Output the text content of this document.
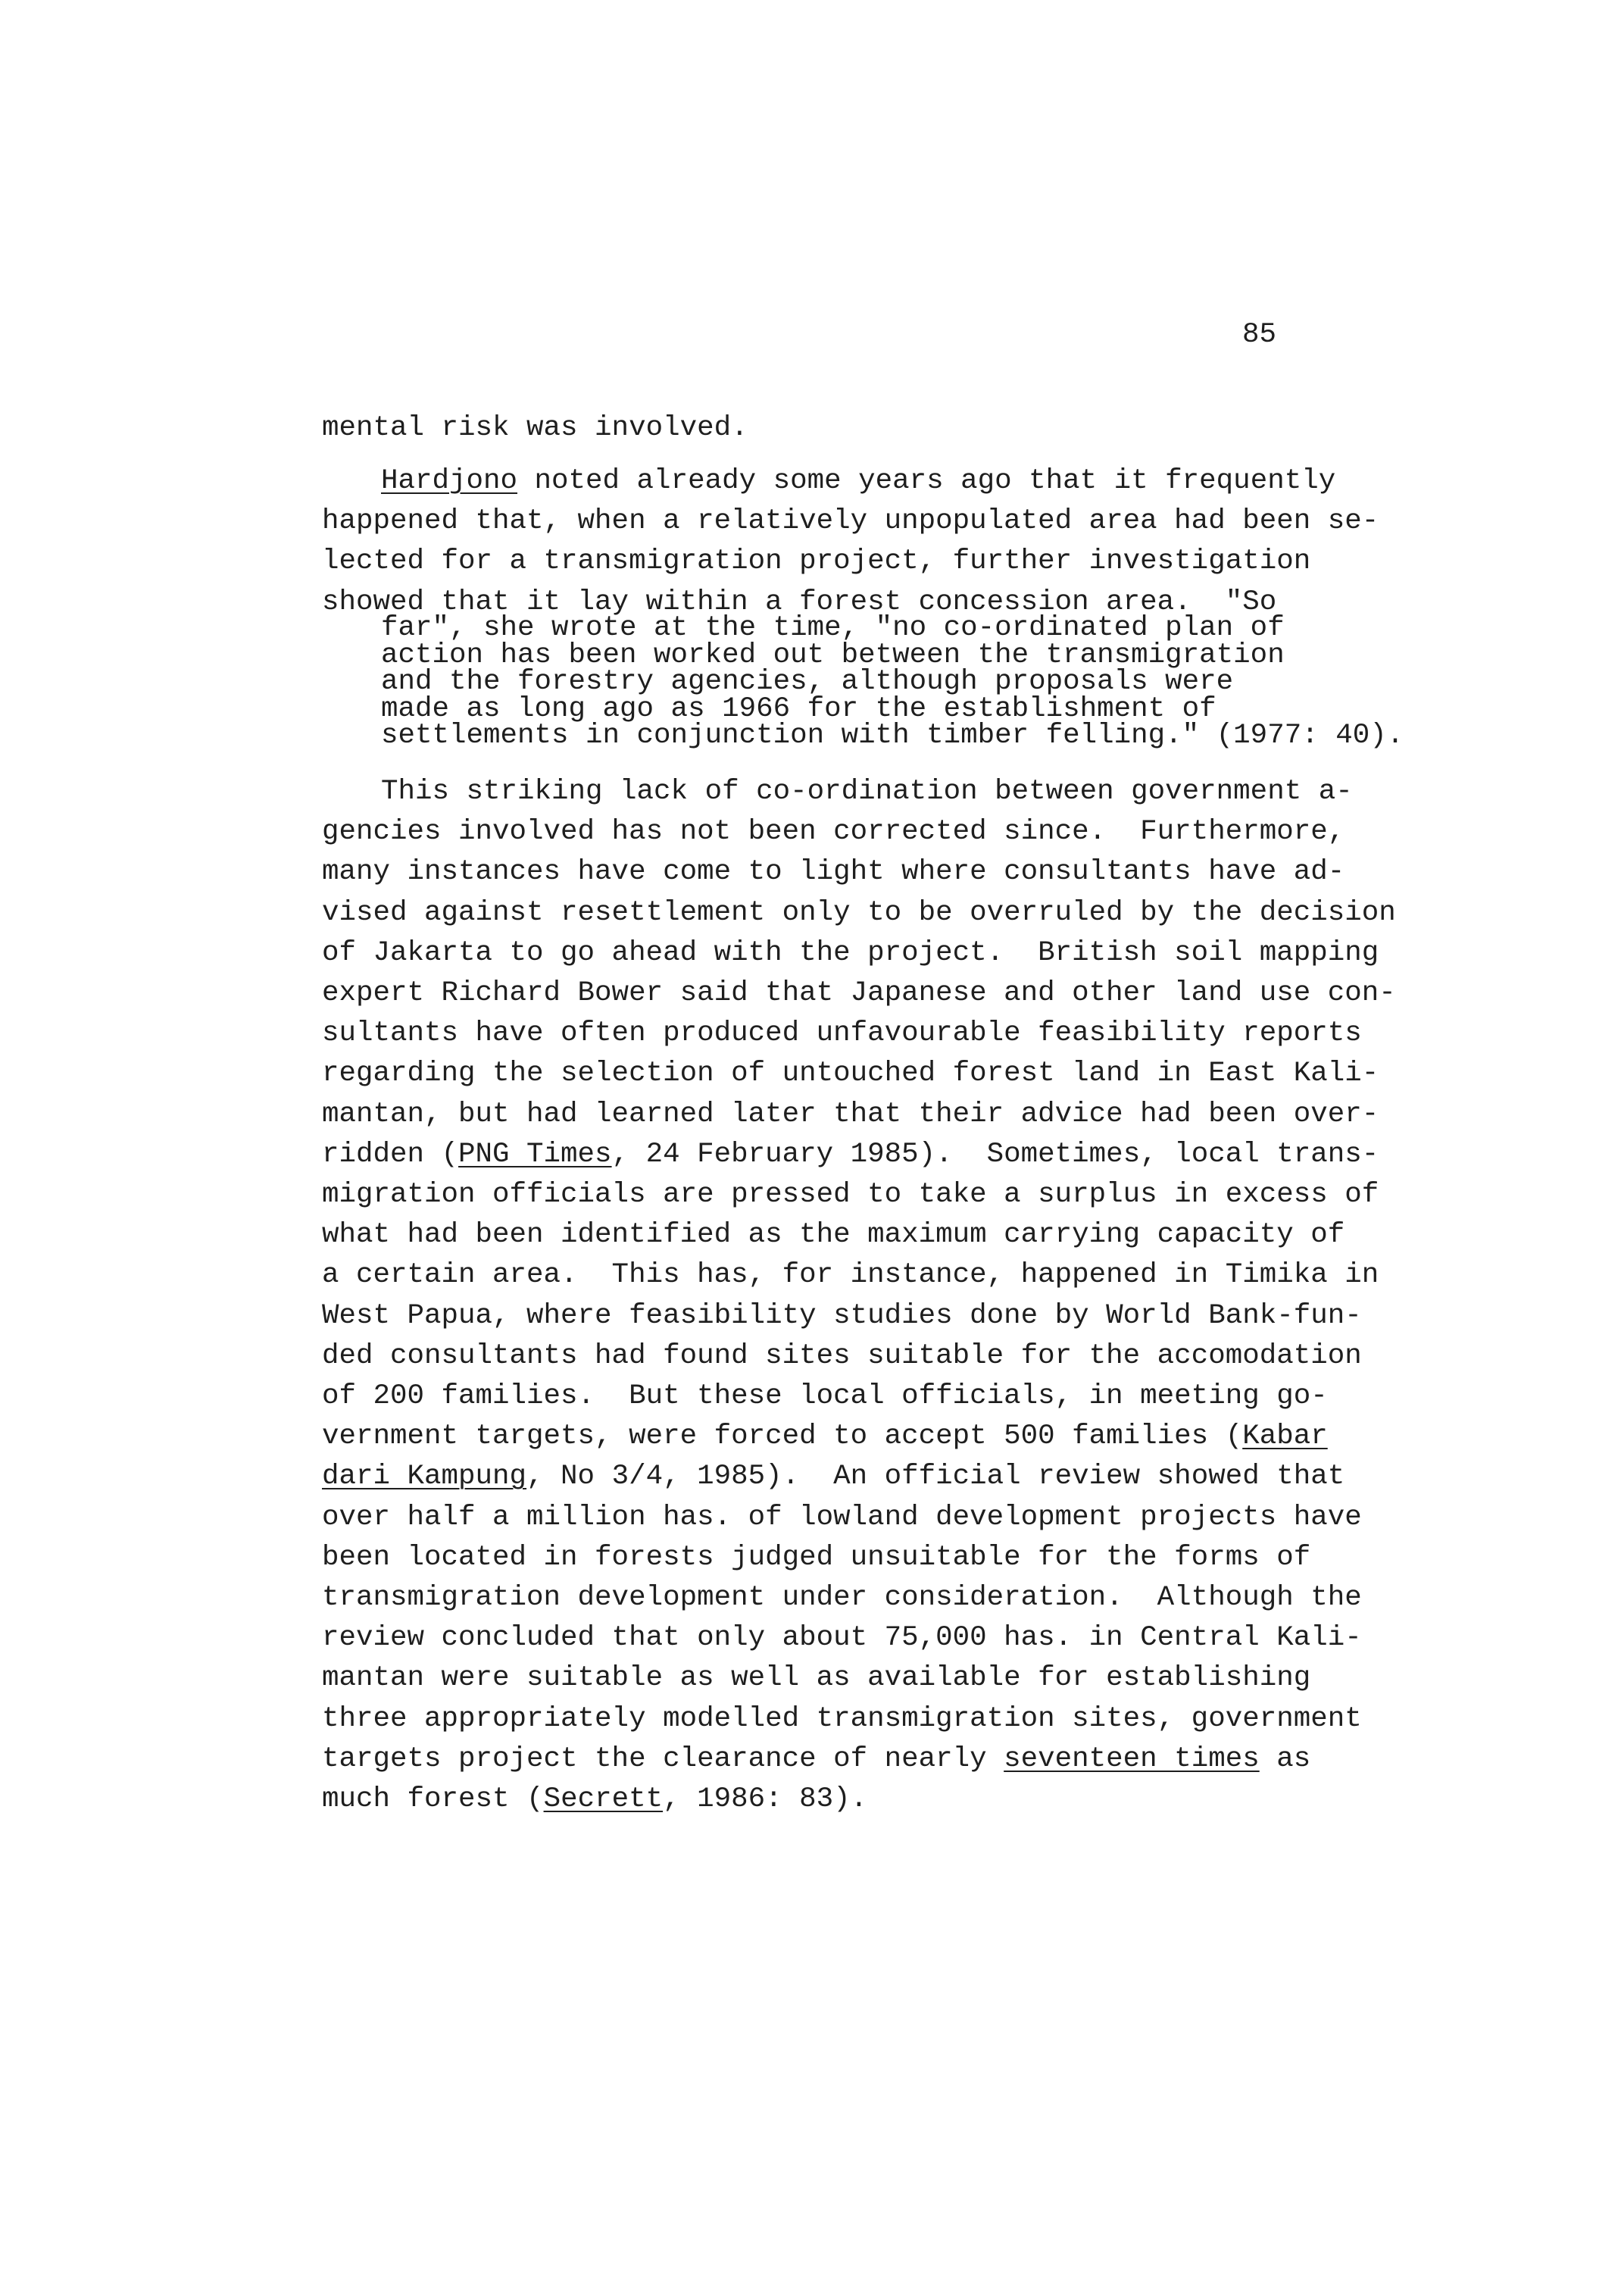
85
mental risk was involved.
Hardjono noted already some years ago that it frequently
happened that, when a relatively unpopulated area had been se-
lected for a transmigration project, further investigation
showed that it lay within a forest concession area.  "So
far", she wrote at the time, "no co-ordinated plan of
action has been worked out between the transmigration
and the forestry agencies, although proposals were
made as long ago as 1966 for the establishment of
settlements in conjunction with timber felling." (1977: 40).
This striking lack of co-ordination between government a-
gencies involved has not been corrected since.  Furthermore,
many instances have come to light where consultants have ad-
vised against resettlement only to be overruled by the decision
of Jakarta to go ahead with the project.  British soil mapping
expert Richard Bower said that Japanese and other land use con-
sultants have often produced unfavourable feasibility reports
regarding the selection of untouched forest land in East Kali-
mantan, but had learned later that their advice had been over-
ridden (PNG Times, 24 February 1985).  Sometimes, local trans-
migration officials are pressed to take a surplus in excess of
what had been identified as the maximum carrying capacity of
a certain area.  This has, for instance, happened in Timika in
West Papua, where feasibility studies done by World Bank-fun-
ded consultants had found sites suitable for the accomodation
of 200 families.  But these local officials, in meeting go-
vernment targets, were forced to accept 500 families (Kabar
dari Kampung, No 3/4, 1985).  An official review showed that
over half a million has. of lowland development projects have
been located in forests judged unsuitable for the forms of
transmigration development under consideration.  Although the
review concluded that only about 75,000 has. in Central Kali-
mantan were suitable as well as available for establishing
three appropriately modelled transmigration sites, government
targets project the clearance of nearly seventeen times as
much forest (Secrett, 1986: 83).
